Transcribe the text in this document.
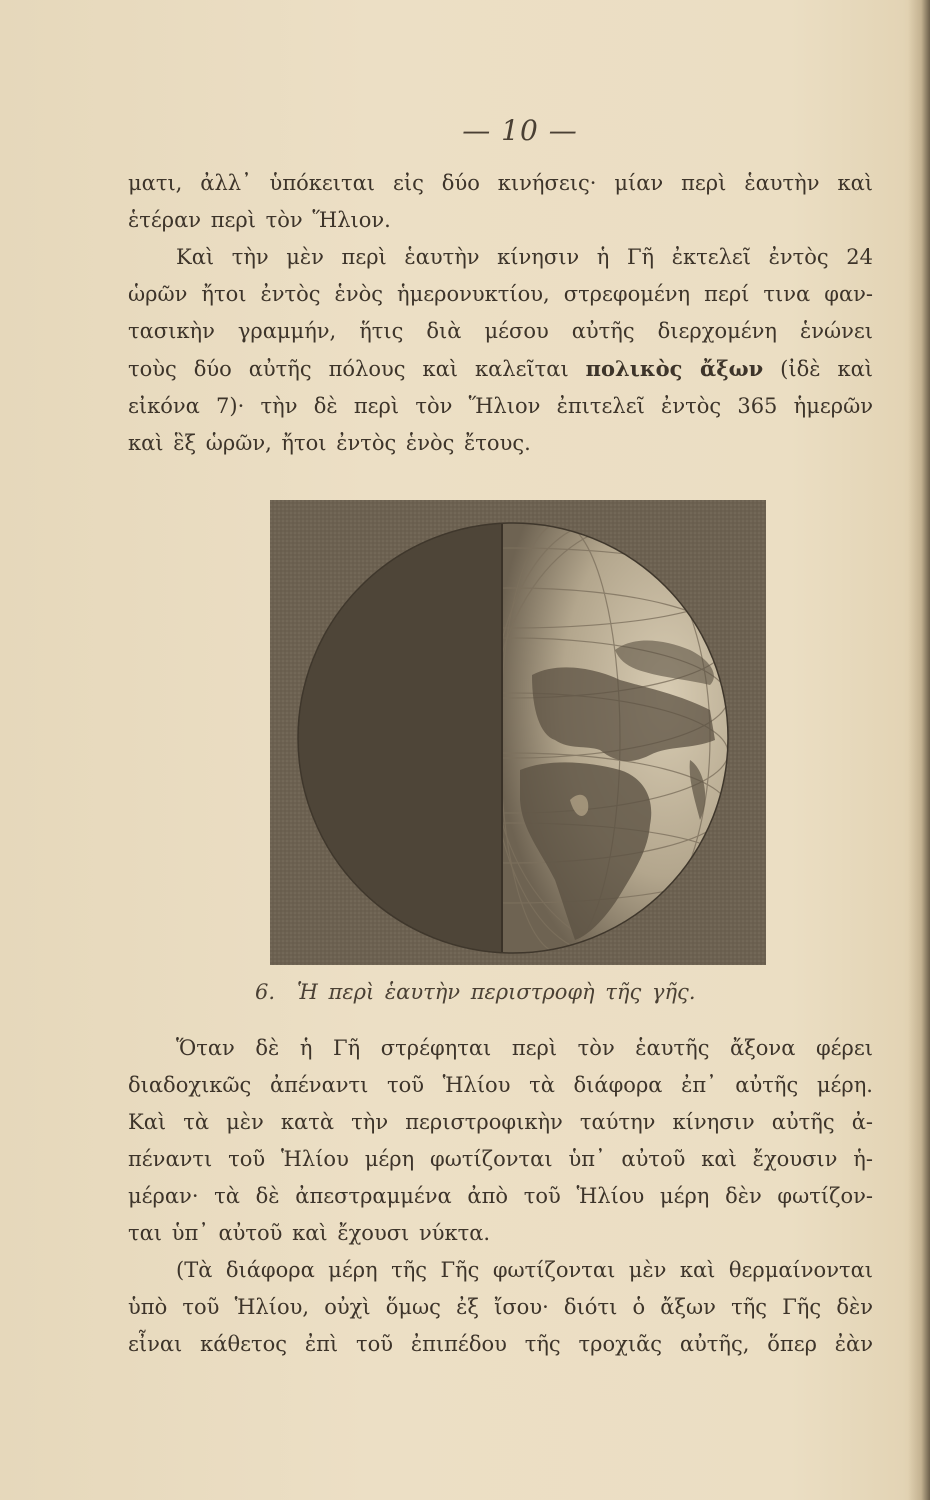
— 10 —
ματι, ἀλλ᾽ ὑπόκειται εἰς δύο κινήσεις· μίαν περὶ ἑαυτὴν καὶ
ἑτέραν περὶ τὸν Ἥλιον.
Καὶ τὴν μὲν περὶ ἑαυτὴν κίνησιν ἡ Γῆ ἐκτελεῖ ἐντὸς 24
ὡρῶν ἤτοι ἐντὸς ἑνὸς ἡμερονυκτίου, στρεφομένη περί τινα φαν-
τασικὴν γραμμήν, ἥτις διὰ μέσου αὐτῆς διερχομένη ἑνώνει
τοὺς δύο αὐτῆς πόλους καὶ καλεῖται πολικὸς ἄξων (ἰδὲ καὶ
εἰκόνα 7)· τὴν δὲ περὶ τὸν Ἥλιον ἐπιτελεῖ ἐντὸς 365 ἡμερῶν
καὶ ἓξ ὡρῶν, ἤτοι ἐντὸς ἑνὸς ἔτους.
6. Ἡ περὶ ἑαυτὴν περιστροφὴ τῆς γῆς.
Ὅταν δὲ ἡ Γῆ στρέφηται περὶ τὸν ἑαυτῆς ἄξονα φέρει
διαδοχικῶς ἀπέναντι τοῦ Ἡλίου τὰ διάφορα ἐπ᾽ αὐτῆς μέρη.
Καὶ τὰ μὲν κατὰ τὴν περιστροφικὴν ταύτην κίνησιν αὐτῆς ἀ-
πέναντι τοῦ Ἡλίου μέρη φωτίζονται ὑπ᾽ αὐτοῦ καὶ ἔχουσιν ἡ-
μέραν· τὰ δὲ ἀπεστραμμένα ἀπὸ τοῦ Ἡλίου μέρη δὲν φωτίζον-
ται ὑπ᾽ αὐτοῦ καὶ ἔχουσι νύκτα.
(Τὰ διάφορα μέρη τῆς Γῆς φωτίζονται μὲν καὶ θερμαίνονται
ὑπὸ τοῦ Ἡλίου, οὐχὶ ὅμως ἐξ ἴσου· διότι ὁ ἄξων τῆς Γῆς δὲν
εἶναι κάθετος ἐπὶ τοῦ ἐπιπέδου τῆς τροχιᾶς αὐτῆς, ὅπερ ἐὰν
